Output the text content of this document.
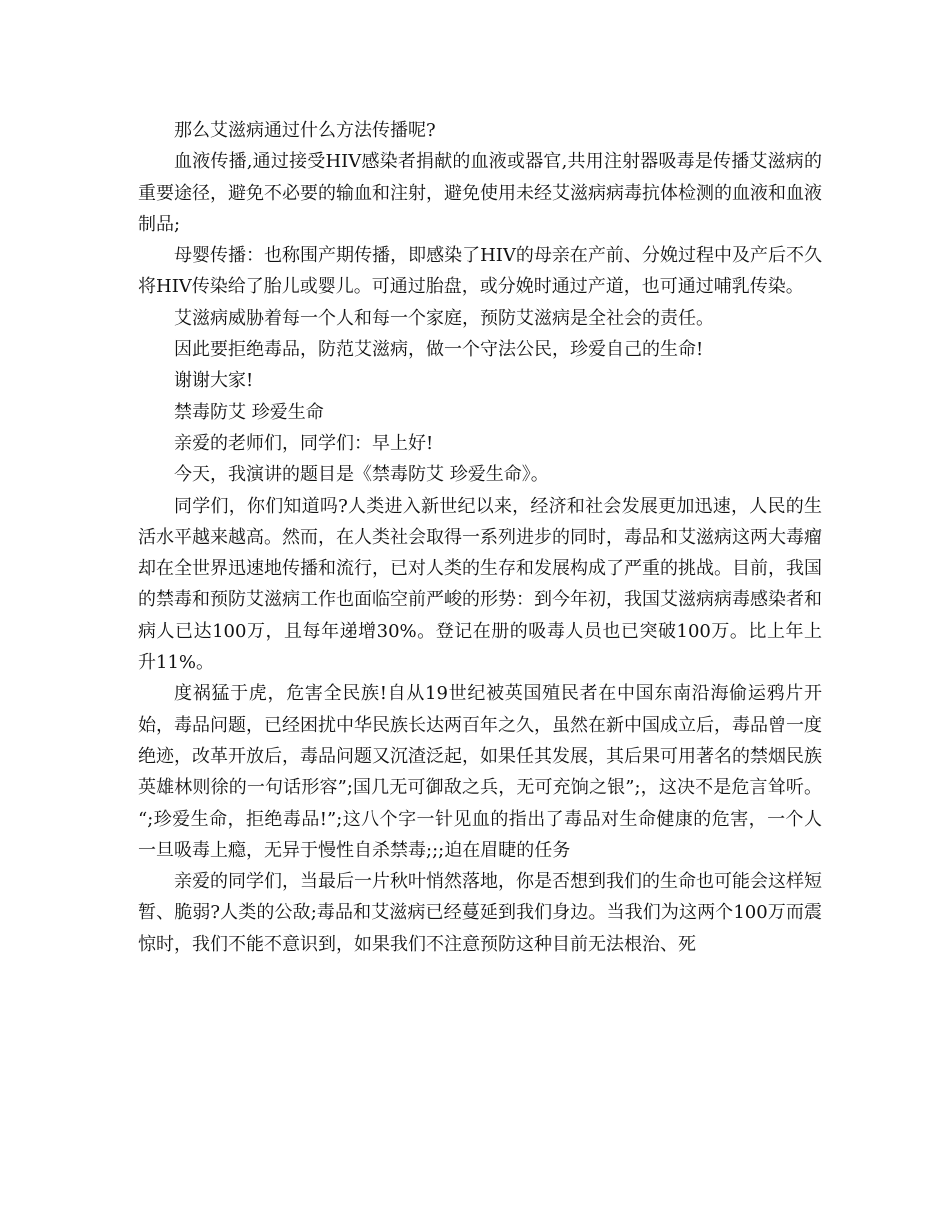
那么艾滋病通过什么方法传播呢?

血液传播,通过接受HIV感染者捐献的血液或器官,共用注射器吸毒是传播艾滋病的重要途径，避免不必要的输血和注射，避免使用未经艾滋病病毒抗体检测的血液和血液制品;

母婴传播：也称围产期传播，即感染了HIV的母亲在产前、分娩过程中及产后不久将HIV传染给了胎儿或婴儿。可通过胎盘，或分娩时通过产道，也可通过哺乳传染。

艾滋病威胁着每一个人和每一个家庭，预防艾滋病是全社会的责任。

因此要拒绝毒品，防范艾滋病，做一个守法公民，珍爱自己的生命!

谢谢大家!

禁毒防艾 珍爱生命

亲爱的老师们，同学们：早上好!

今天，我演讲的题目是《禁毒防艾 珍爱生命》。

同学们，你们知道吗?人类进入新世纪以来，经济和社会发展更加迅速，人民的生活水平越来越高。然而，在人类社会取得一系列进步的同时，毒品和艾滋病这两大毒瘤却在全世界迅速地传播和流行，已对人类的生存和发展构成了严重的挑战。目前，我国的禁毒和预防艾滋病工作也面临空前严峻的形势：到今年初，我国艾滋病病毒感染者和病人已达100万，且每年递增30%。登记在册的吸毒人员也已突破100万。比上年上升11%。

度祸猛于虎，危害全民族!自从19世纪被英国殖民者在中国东南沿海偷运鸦片开始，毒品问题，已经困扰中华民族长达两百年之久，虽然在新中国成立后，毒品曾一度绝迹，改革开放后，毒品问题又沉渣泛起，如果任其发展，其后果可用著名的禁烟民族英雄林则徐的一句话形容”;国几无可御敌之兵，无可充饷之银”;，这决不是危言耸听。 “;珍爱生命，拒绝毒品!”;这八个字一针见血的指出了毒品对生命健康的危害，一个人一旦吸毒上瘾，无异于慢性自杀禁毒;;;迫在眉睫的任务

亲爱的同学们，当最后一片秋叶悄然落地，你是否想到我们的生命也可能会这样短暂、脆弱?人类的公敌;毒品和艾滋病已经蔓延到我们身边。当我们为这两个100万而震惊时，我们不能不意识到，如果我们不注意预防这种目前无法根治、死
